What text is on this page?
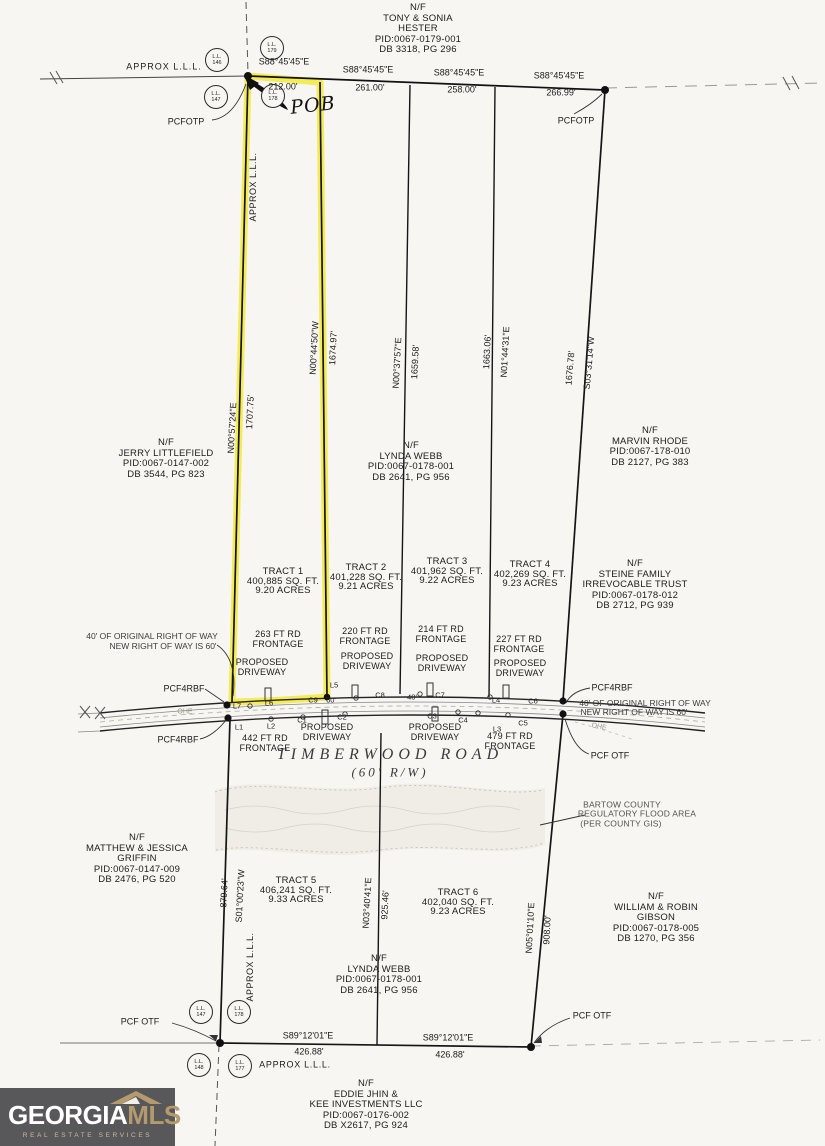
L.L.
146
L.L.
179
L.L.
147
L.L.
178
L.L.
147
L.L.
178
L.L.
148
L.L.
177
N/F
TONY & SONIA
HESTER
PID:0067-0179-001
DB 3318, PG 296
N/F
JERRY LITTLEFIELD
PID:0067-0147-002
DB 3544, PG 823
N/F
LYNDA WEBB
PID:0067-0178-001
DB 2641, PG 956
N/F
MARVIN RHODE
PID:0067-178-010
DB 2127, PG 383
N/F
STEINE FAMILY
IRREVOCABLE TRUST
PID:0067-0178-012
DB 2712, PG 939
N/F
MATTHEW & JESSICA
GRIFFIN
PID:0067-0147-009
DB 2476, PG 520
N/F
WILLIAM & ROBIN
GIBSON
PID:0067-0178-005
DB 1270, PG 356
N/F
LYNDA WEBB
PID:0067-0178-001
DB 2641, PG 956
N/F
EDDIE JHIN &
KEE INVESTMENTS LLC
PID:0067-0176-002
DB X2617, PG 924
TRACT 1
400,885 SQ. FT.
9.20 ACRES
TRACT 2
401,228 SQ. FT.
9.21 ACRES
TRACT 3
401,962 SQ. FT.
9.22 ACRES
TRACT 4
402,269 SQ. FT.
9.23 ACRES
TRACT 5
406,241 SQ. FT.
9.33 ACRES
TRACT 6
402,040 SQ. FT.
9.23 ACRES
263 FT RD
FRONTAGE
220 FT RD
FRONTAGE
214 FT RD
FRONTAGE	227 FT RD
FRONTAGE
442 FT RD
FRONTAGE
479 FT RD
FRONTAGE
PROPOSED
DRIVEWAY
PROPOSED
DRIVEWAY
PROPOSED
DRIVEWAY	PROPOSED
DRIVEWAY
PROPOSED
DRIVEWAY
PROPOSED
DRIVEWAY
S88°45'45"E
212.00'
S88°45'45"E
261.00'
S88°45'45"E
258.00'
S88°45'45"E
266.99'
S89°12'01"E
426.88'
S89°12'01"E
426.88'
N00°57'24"E 1707.75'
N00°44'50"W 1674.97'	N00°37'57"E 1659.58'	1663.06' N01°44'31"E	1676.78' S03°31'14"W
879.64' S01°00'23"W	N03°40'41"E 925.46'	N05°01'10"E 908.00'
APPROX L.L.L.
APPROX L.L.L.
APPROX L.L.L.
APPROX L.L.L.
PCFOTP	PCFOTP
PCF4RBF
PCF4RBF
PCF4RBF
PCF OTF
PCF OTF
PCF OTF
OHE
OHE
POB
40' OF ORIGINAL RIGHT OF WAY
NEW RIGHT OF WAY IS 60'
40' OF ORIGINAL RIGHT OF WAY
NEW RIGHT OF WAY IS 60'
BARTOW COUNTY
REGULATORY FLOOD AREA
(PER COUNTY GIS)
TIMBERWOOD ROAD
(60' R/W)
L7	L6	C9 60'
C8	40' C7
L4	C6
L5
L1	L2
C1	C2	C3	C4
L3
C5
GEORGIAMLS
REAL ESTATE SERVICES
